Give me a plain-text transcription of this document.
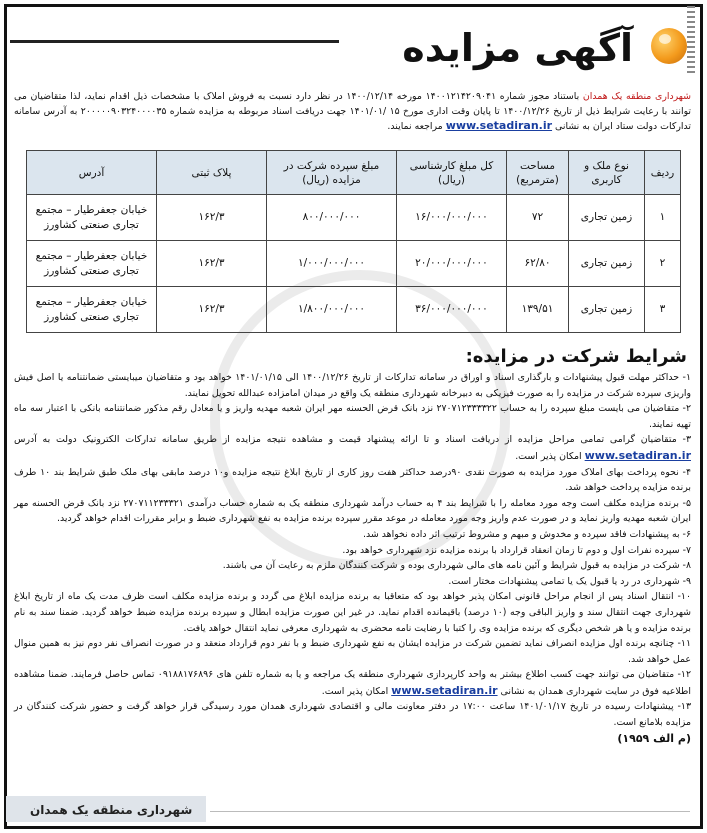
آگهی مزایده
شهرداری منطقه یک همدان باستناد مجوز شماره ۱۴۰۰۱۲۱۴۲۰۹۰۴۱ مورخه ۱۴۰۰/۱۲/۱۴ در نظر دارد نسبت به فروش املاک با مشخصات ذیل اقدام نماید، لذا متقاضیان می توانند با رعایت شرایط ذیل از تاریخ ۱۴۰۰/۱۲/۲۶ تا پایان وقت اداری مورخ ۱۵ /۱۴۰۱/۰۱ جهت دریافت اسناد مربوطه به مزایده شماره ۲۰۰۰۰۰۹۰۳۲۴۰۰۰۰۳۵ به آدرس سامانه تدارکات دولت ستاد ایران به نشانی www.setadiran.ir مراجعه نمایند.
ردیف	نوع ملک و کاربری	مساحت (مترمربع)	کل مبلغ کارشناسی (ریال)	مبلغ سپرده شرکت در مزایده (ریال)	پلاک ثبتی	آدرس
۱	زمین تجاری	۷۲	۱۶/۰۰۰/۰۰۰/۰۰۰	۸۰۰/۰۰۰/۰۰۰	۱۶۲/۳	خیابان جعفرطیار – مجتمع تجاری صنعتی کشاورز
۲	زمین تجاری	۶۲/۸۰	۲۰/۰۰۰/۰۰۰/۰۰۰	۱/۰۰۰/۰۰۰/۰۰۰	۱۶۲/۳	خیابان جعفرطیار – مجتمع تجاری صنعتی کشاورز
۳	زمین تجاری	۱۳۹/۵۱	۳۶/۰۰۰/۰۰۰/۰۰۰	۱/۸۰۰/۰۰۰/۰۰۰	۱۶۲/۳	خیابان جعفرطیار – مجتمع تجاری صنعتی کشاورز
شرایط شرکت در مزایده:

۱- حداکثر مهلت قبول پیشنهادات و بارگذاری اسناد و اوراق در سامانه تدارکات از تاریخ ۱۴۰۰/۱۲/۲۶ الی ۱۴۰۱/۰۱/۱۵ خواهد بود و متقاضیان میبایستی ضمانتنامه یا اصل فیش واریزی سپرده شرکت در مزایده را به صورت فیزیکی به دبیرخانه شهرداری منطقه یک واقع در میدان امامزاده عبدالله تحویل نمایند.

۲- متقاضیان می بایست مبلغ سپرده را به حساب ۲۷۰۷۱۲۳۳۳۳۲۲ نزد بانک قرض الحسنه مهر ایران شعبه مهدیه واریز و یا معادل رقم مذکور ضمانتنامه بانکی با اعتبار سه ماه تهیه نمایند.

۳- متقاضیان گرامی تمامی مراحل مزایده از دریافت اسناد و تا ارائه پیشنهاد قیمت و مشاهده نتیجه مزایده از طریق سامانه تدارکات الکترونیک دولت به آدرس www.setadiran.ir امکان پذیر است.

۴- نحوه پرداخت بهای املاک مورد مزایده به صورت نقدی ۹۰درصد حداکثر هفت روز کاری از تاریخ ابلاغ نتیجه مزایده و۱۰ درصد مابقی بهای ملک طبق شرایط بند ۱۰ طرف برنده مزایده پرداخت خواهد شد.

۵- برنده مزایده مکلف است وجه مورد معامله را با شرایط بند ۴ به حساب درآمد شهرداری منطقه یک به شماره حساب درآمدی ۲۷۰۷۱۱۲۳۳۳۲۱ نزد بانک قرض الحسنه مهر ایران شعبه مهدیه واریز نماید و در صورت عدم واریز وجه مورد معامله در موعد مقرر سپرده برنده مزایده به نفع شهرداری ضبط و برابر مقررات اقدام خواهد گردید.

۶- به پیشنهادات فاقد سپرده و مخدوش و مبهم و مشروط ترتیب اثر داده نخواهد شد.

۷- سپرده نفرات اول و دوم تا زمان انعقاد قرارداد با برنده مزایده نزد شهرداری خواهد بود.

۸- شرکت در مزایده به قبول شرایط و آئین نامه های مالی شهرداری بوده و شرکت کنندگان ملزم به رعایت آن می باشند.

۹- شهرداری در رد یا قبول یک یا تمامی پیشنهادات مختار است.

۱۰- انتقال اسناد پس از انجام مراحل قانونی امکان پذیر خواهد بود که متعاقبا به برنده مزایده ابلاغ می گردد و برنده مزایده مکلف است ظرف مدت یک ماه از تاریخ ابلاغ شهرداری جهت انتقال سند و واریز الباقی وجه (۱۰ درصد) باقیمانده اقدام نماید. در غیر این صورت مزایده ابطال و سپرده برنده مزایده ضبط خواهد گردید. ضمنا سند به نام برنده مزایده و یا هر شخص دیگری که برنده مزایده وی را کتبا با رضایت نامه محضری به شهرداری معرفی نماید انتقال خواهد یافت.

۱۱- چنانچه برنده اول مزایده انصراف نماید تضمین شرکت در مزایده ایشان به نفع شهرداری ضبط و با نفر دوم قرارداد منعقد و در صورت انصراف نفر دوم نیز به همین منوال عمل خواهد شد.

۱۲- متقاضیان می توانند جهت کسب اطلاع بیشتر به واحد کارپردازی شهرداری منطقه یک مراجعه و یا به شماره تلفن های ۰۹۱۸۸۱۷۶۸۹۶ تماس حاصل فرمایند. ضمنا مشاهده اطلاعیه فوق در سایت شهرداری همدان به نشانی www.setadiran.ir امکان پذیر است.

۱۳- پیشنهادات رسیده در تاریخ ۱۴۰۱/۰۱/۱۷ ساعت ۱۷:۰۰ در دفتر معاونت مالی و اقتصادی شهرداری همدان مورد رسیدگی قرار خواهد گرفت و حضور شرکت کنندگان در مزایده بلامانع است.

(م الف ۱۹۵۹)

شهرداری منطقه یک همدان
